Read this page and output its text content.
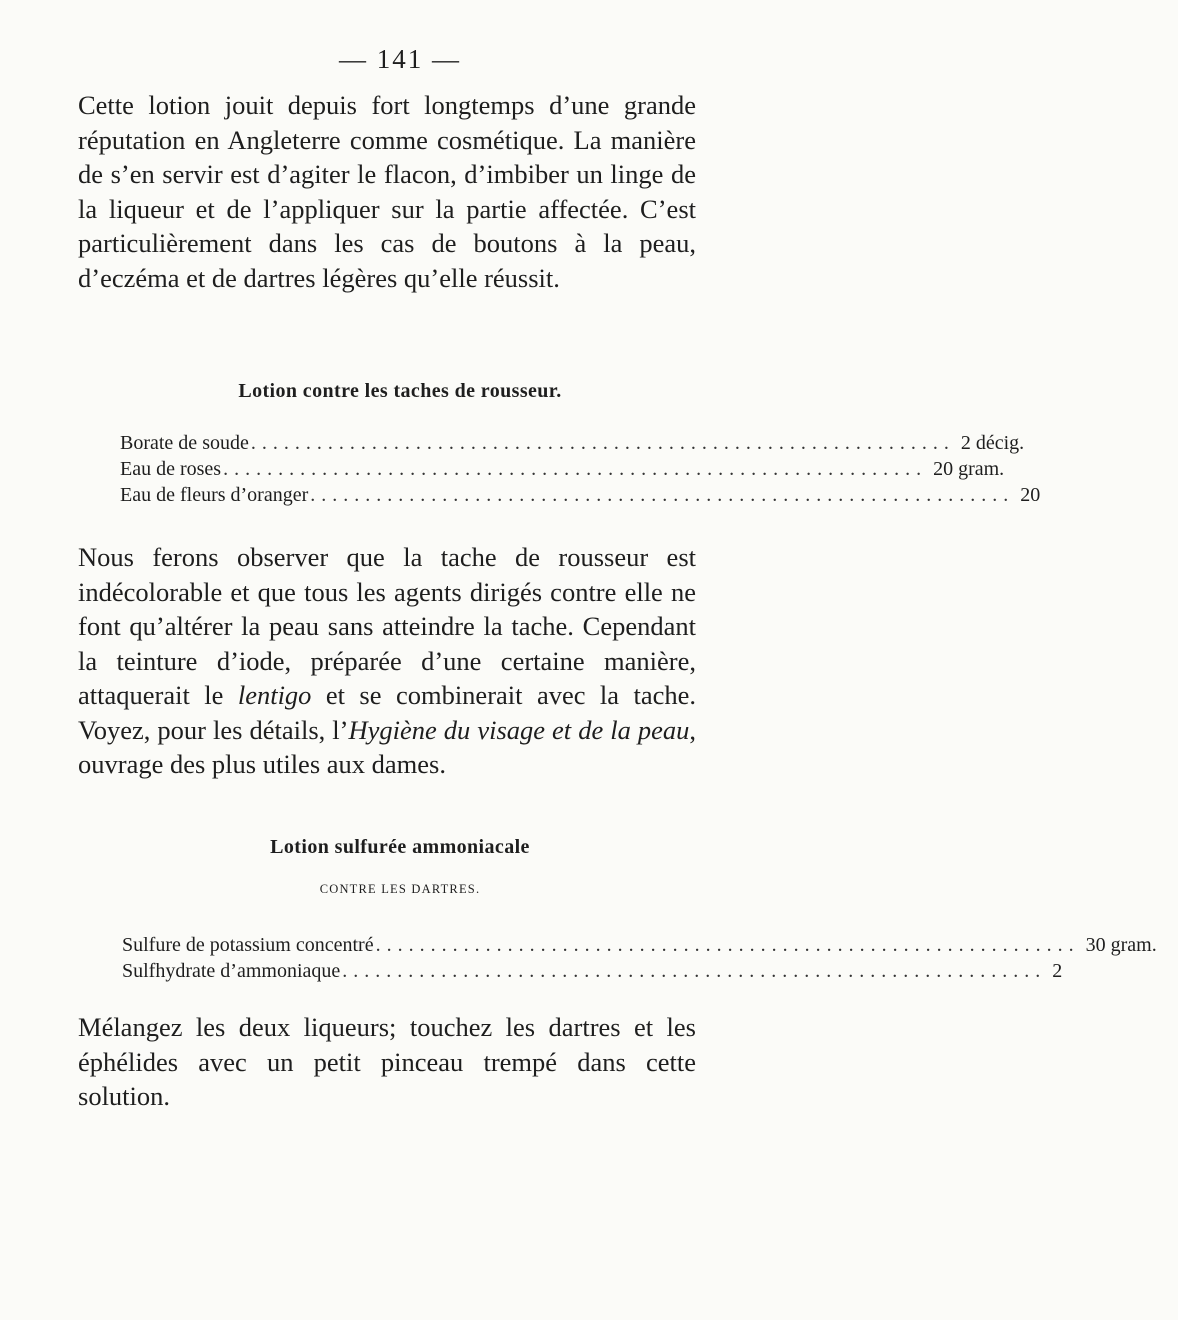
— 141 —

Cette lotion jouit depuis fort longtemps d’une grande réputation en Angleterre comme cosmétique. La manière de s’en servir est d’agiter le flacon, d’imbiber un linge de la liqueur et de l’appliquer sur la partie affectée. C’est particulièrement dans les cas de boutons à la peau, d’eczéma et de dartres légères qu’elle réussit.

Lotion contre les taches de rousseur.
Borate de soude ................................................................ 2 décig.
Eau de roses ................................................................ 20 gram.
Eau de fleurs d’oranger ................................................................ 20

Nous ferons observer que la tache de rousseur est indécolorable et que tous les agents dirigés contre elle ne font qu’altérer la peau sans atteindre la tache. Cependant la teinture d’iode, préparée d’une certaine manière, attaquerait le lentigo et se combinerait avec la tache. Voyez, pour les détails, l’Hygiène du visage et de la peau, ouvrage des plus utiles aux dames.

Lotion sulfurée ammoniacale
CONTRE LES DARTRES.
Sulfure de potassium concentré ................................................................ 30 gram.
Sulfhydrate d’ammoniaque ................................................................ 2

Mélangez les deux liqueurs; touchez les dartres et les éphélides avec un petit pinceau trempé dans cette solution.
